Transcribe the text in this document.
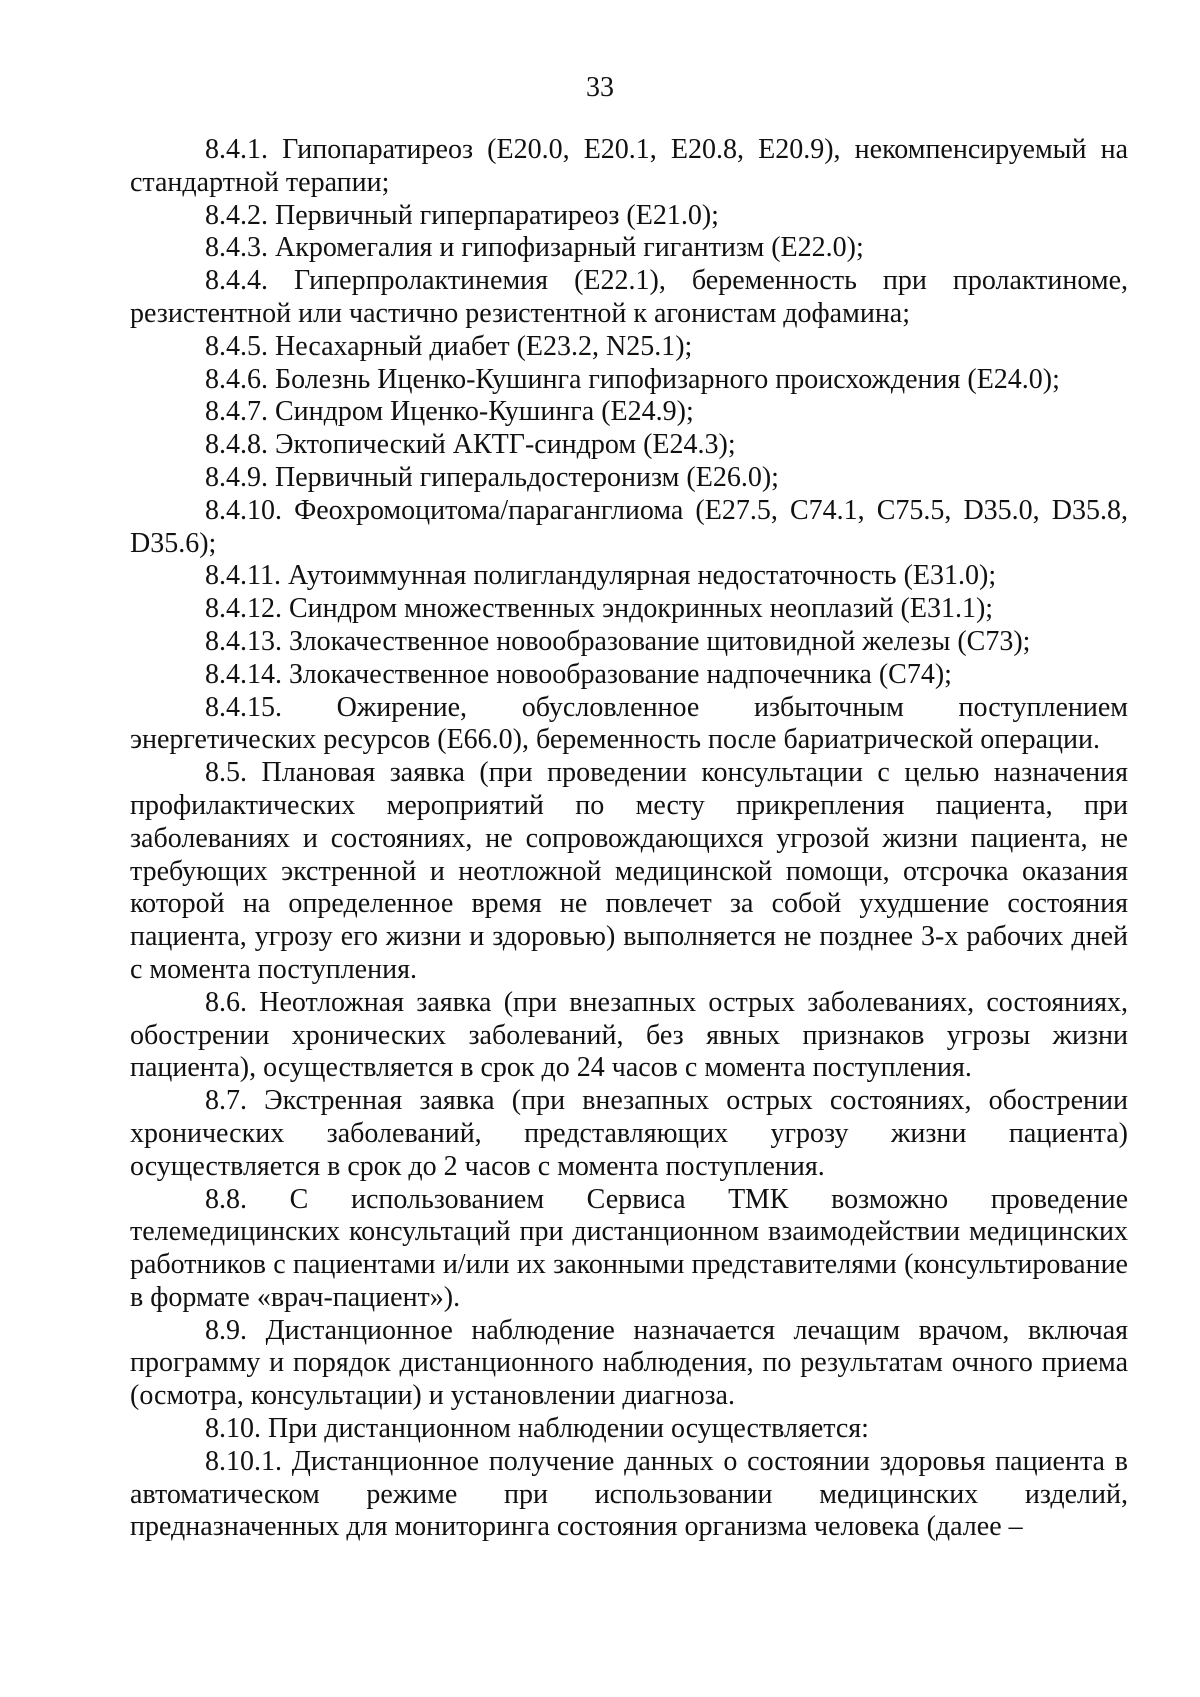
33

8.4.1. Гипопаратиреоз (E20.0, E20.1, E20.8, E20.9), некомпенсируемый на стандартной терапии;

8.4.2. Первичный гиперпаратиреоз (E21.0);

8.4.3. Акромегалия и гипофизарный гигантизм (E22.0);

8.4.4. Гиперпролактинемия (E22.1), беременность при пролактиноме, резистентной или частично резистентной к агонистам дофамина;

8.4.5. Несахарный диабет (E23.2, N25.1);

8.4.6. Болезнь Иценко-Кушинга гипофизарного происхождения (E24.0);

8.4.7. Синдром Иценко-Кушинга (E24.9);

8.4.8. Эктопический АКТГ-синдром (E24.3);

8.4.9. Первичный гиперальдостеронизм (E26.0);

8.4.10. Феохромоцитома/параганглиома (E27.5, C74.1, C75.5, D35.0, D35.8, D35.6);

8.4.11. Аутоиммунная полигландулярная недостаточность (E31.0);

8.4.12. Синдром множественных эндокринных неоплазий (E31.1);

8.4.13. Злокачественное новообразование щитовидной железы (C73);

8.4.14. Злокачественное новообразование надпочечника (C74);

8.4.15. Ожирение, обусловленное избыточным поступлением энергетических ресурсов (E66.0), беременность после бариатрической операции.

8.5. Плановая заявка (при проведении консультации с целью назначения профилактических мероприятий по месту прикрепления пациента, при заболеваниях и состояниях, не сопровождающихся угрозой жизни пациента, не требующих экстренной и неотложной медицинской помощи, отсрочка оказания которой на определенное время не повлечет за собой ухудшение состояния пациента, угрозу его жизни и здоровью) выполняется не позднее 3-х рабочих дней с момента поступления.

8.6. Неотложная заявка (при внезапных острых заболеваниях, состояниях, обострении хронических заболеваний, без явных признаков угрозы жизни пациента), осуществляется в срок до 24 часов с момента поступления.

8.7. Экстренная заявка (при внезапных острых состояниях, обострении хронических заболеваний, представляющих угрозу жизни пациента) осуществляется в срок до 2 часов с момента поступления.

8.8. С использованием Сервиса ТМК возможно проведение телемедицинских консультаций при дистанционном взаимодействии медицинских работников с пациентами и/или их законными представителями (консультирование в формате «врач-пациент»).

8.9. Дистанционное наблюдение назначается лечащим врачом, включая программу и порядок дистанционного наблюдения, по результатам очного приема (осмотра, консультации) и установлении диагноза.

8.10. При дистанционном наблюдении осуществляется:

8.10.1. Дистанционное получение данных о состоянии здоровья пациента в автоматическом режиме при использовании медицинских изделий, предназначенных для мониторинга состояния организма человека (далее –
